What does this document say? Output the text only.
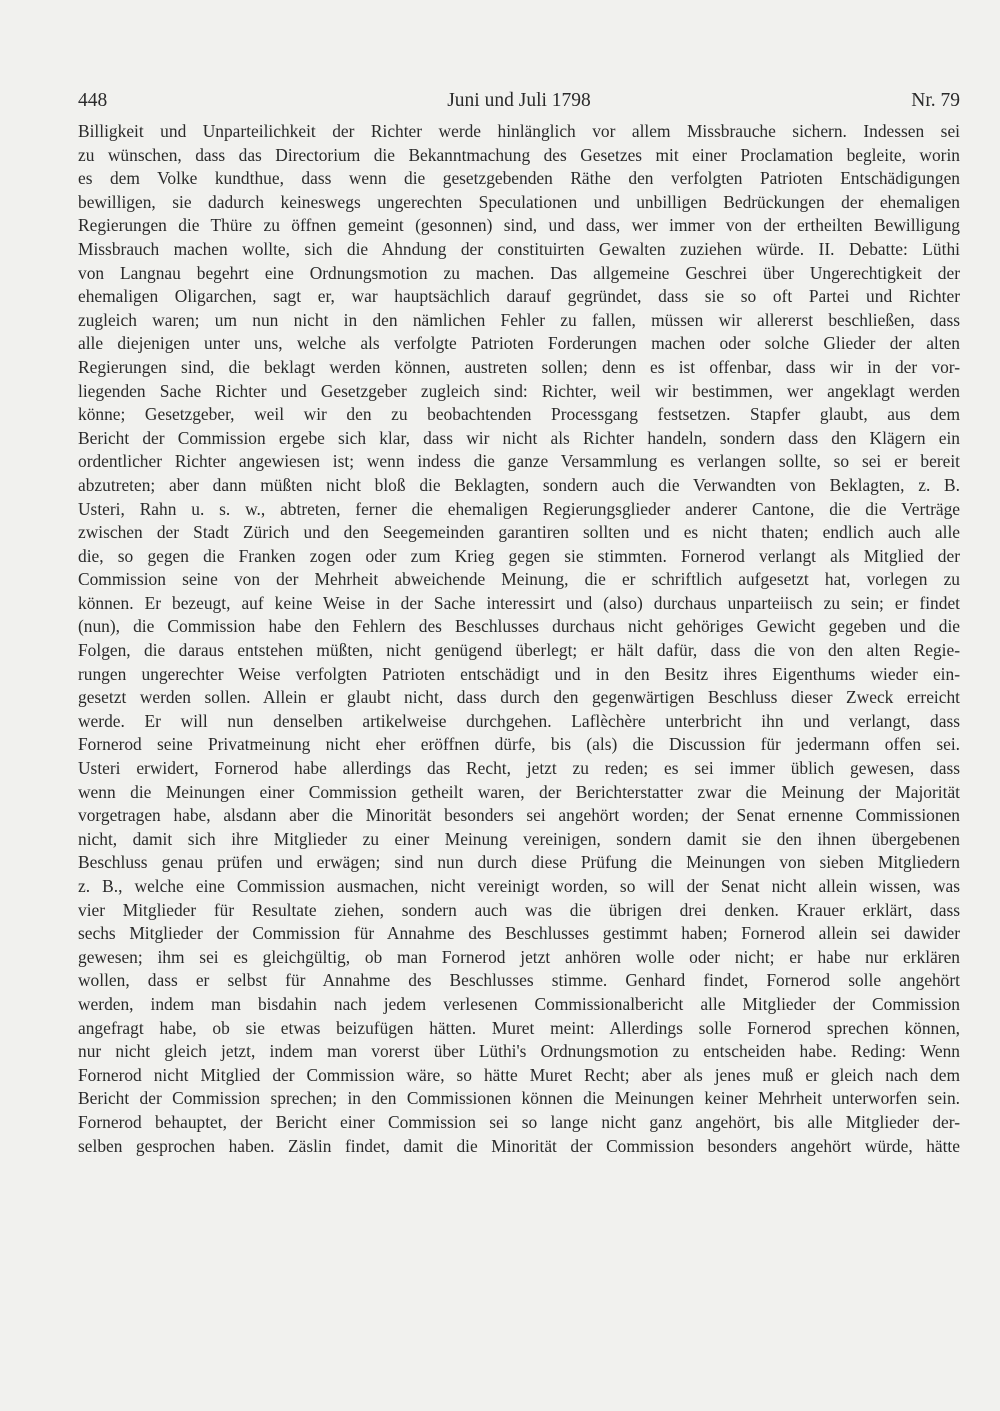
448	Juni und Juli 1798	Nr. 79
Billigkeit und Unparteilichkeit der Richter werde hinlänglich vor allem Missbrauche sichern. Indessen sei
zu wünschen, dass das Directorium die Bekanntmachung des Gesetzes mit einer Proclamation begleite, worin
es dem Volke kundthue, dass wenn die gesetzgebenden Räthe den verfolgten Patrioten Entschädigungen
bewilligen, sie dadurch keineswegs ungerechten Speculationen und unbilligen Bedrückungen der ehemaligen
Regierungen die Thüre zu öffnen gemeint (gesonnen) sind, und dass, wer immer von der ertheilten Bewilligung
Missbrauch machen wollte, sich die Ahndung der constituirten Gewalten zuziehen würde. II. Debatte: Lüthi
von Langnau begehrt eine Ordnungsmotion zu machen. Das allgemeine Geschrei über Ungerechtigkeit der
ehemaligen Oligarchen, sagt er, war hauptsächlich darauf gegründet, dass sie so oft Partei und Richter
zugleich waren; um nun nicht in den nämlichen Fehler zu fallen, müssen wir allererst beschließen, dass
alle diejenigen unter uns, welche als verfolgte Patrioten Forderungen machen oder solche Glieder der alten
Regierungen sind, die beklagt werden können, austreten sollen; denn es ist offenbar, dass wir in der vor-
liegenden Sache Richter und Gesetzgeber zugleich sind: Richter, weil wir bestimmen, wer angeklagt werden
könne; Gesetzgeber, weil wir den zu beobachtenden Processgang festsetzen. Stapfer glaubt, aus dem
Bericht der Commission ergebe sich klar, dass wir nicht als Richter handeln, sondern dass den Klägern ein
ordentlicher Richter angewiesen ist; wenn indess die ganze Versammlung es verlangen sollte, so sei er bereit
abzutreten; aber dann müßten nicht bloß die Beklagten, sondern auch die Verwandten von Beklagten, z. B.
Usteri, Rahn u. s. w., abtreten, ferner die ehemaligen Regierungsglieder anderer Cantone, die die Verträge
zwischen der Stadt Zürich und den Seegemeinden garantiren sollten und es nicht thaten; endlich auch alle
die, so gegen die Franken zogen oder zum Krieg gegen sie stimmten. Fornerod verlangt als Mitglied der
Commission seine von der Mehrheit abweichende Meinung, die er schriftlich aufgesetzt hat, vorlegen zu
können. Er bezeugt, auf keine Weise in der Sache interessirt und (also) durchaus unparteiisch zu sein; er findet
(nun), die Commission habe den Fehlern des Beschlusses durchaus nicht gehöriges Gewicht gegeben und die
Folgen, die daraus entstehen müßten, nicht genügend überlegt; er hält dafür, dass die von den alten Regie-
rungen ungerechter Weise verfolgten Patrioten entschädigt und in den Besitz ihres Eigenthums wieder ein-
gesetzt werden sollen. Allein er glaubt nicht, dass durch den gegenwärtigen Beschluss dieser Zweck erreicht
werde. Er will nun denselben artikelweise durchgehen. Laflèchère unterbricht ihn und verlangt, dass
Fornerod seine Privatmeinung nicht eher eröffnen dürfe, bis (als) die Discussion für jedermann offen sei.
Usteri erwidert, Fornerod habe allerdings das Recht, jetzt zu reden; es sei immer üblich gewesen, dass
wenn die Meinungen einer Commission getheilt waren, der Berichterstatter zwar die Meinung der Majorität
vorgetragen habe, alsdann aber die Minorität besonders sei angehört worden; der Senat ernenne Commissionen
nicht, damit sich ihre Mitglieder zu einer Meinung vereinigen, sondern damit sie den ihnen übergebenen
Beschluss genau prüfen und erwägen; sind nun durch diese Prüfung die Meinungen von sieben Mitgliedern
z. B., welche eine Commission ausmachen, nicht vereinigt worden, so will der Senat nicht allein wissen, was
vier Mitglieder für Resultate ziehen, sondern auch was die übrigen drei denken. Krauer erklärt, dass
sechs Mitglieder der Commission für Annahme des Beschlusses gestimmt haben; Fornerod allein sei dawider
gewesen; ihm sei es gleichgültig, ob man Fornerod jetzt anhören wolle oder nicht; er habe nur erklären
wollen, dass er selbst für Annahme des Beschlusses stimme. Genhard findet, Fornerod solle angehört
werden, indem man bisdahin nach jedem verlesenen Commissionalbericht alle Mitglieder der Commission
angefragt habe, ob sie etwas beizufügen hätten. Muret meint: Allerdings solle Fornerod sprechen können,
nur nicht gleich jetzt, indem man vorerst über Lüthi's Ordnungsmotion zu entscheiden habe. Reding: Wenn
Fornerod nicht Mitglied der Commission wäre, so hätte Muret Recht; aber als jenes muß er gleich nach dem
Bericht der Commission sprechen; in den Commissionen können die Meinungen keiner Mehrheit unterworfen sein.
Fornerod behauptet, der Bericht einer Commission sei so lange nicht ganz angehört, bis alle Mitglieder der-
selben gesprochen haben. Zäslin findet, damit die Minorität der Commission besonders angehört würde, hätte
